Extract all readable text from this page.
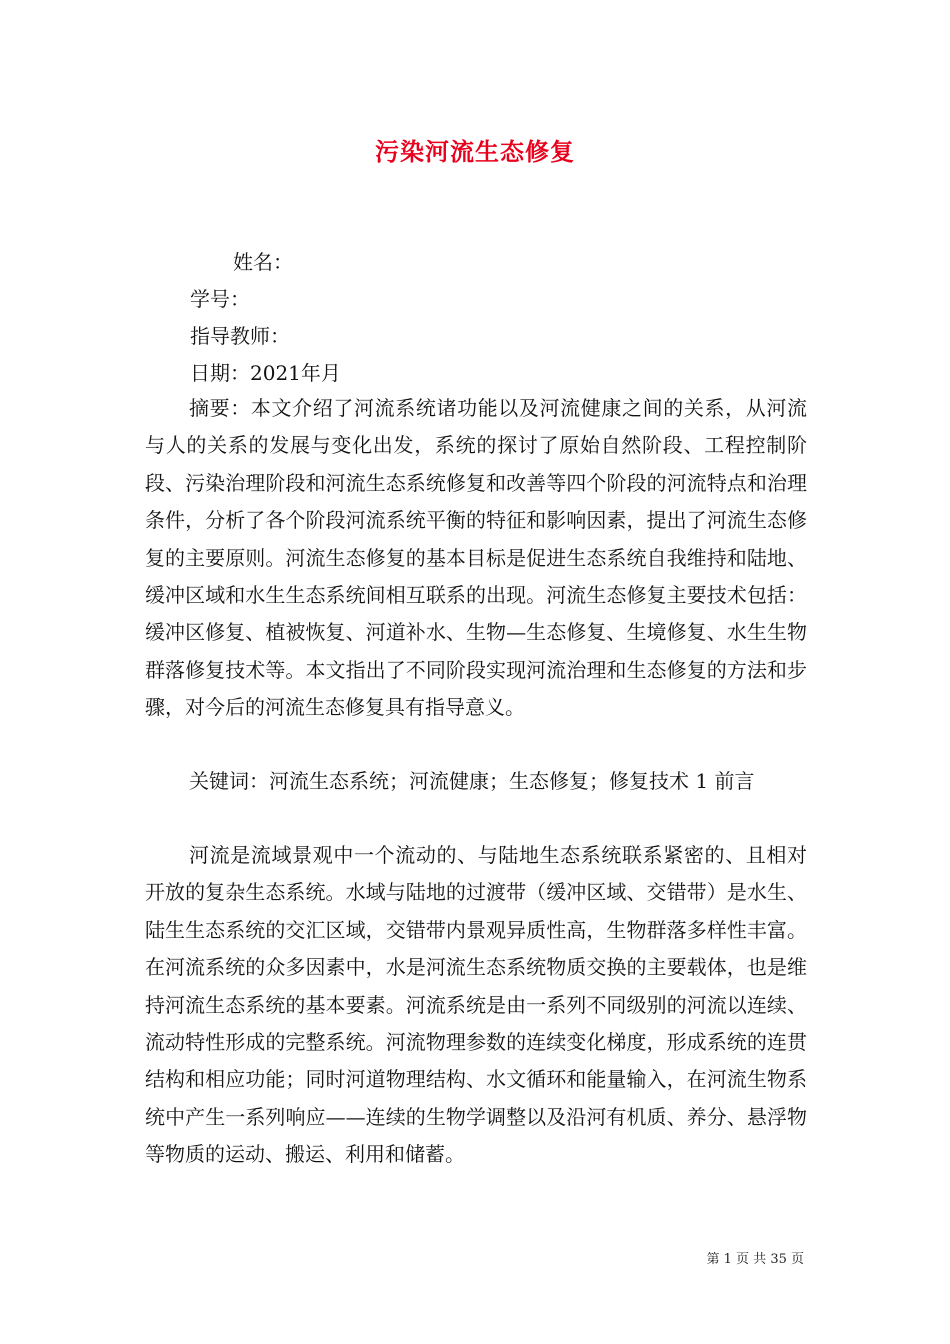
污染河流生态修复
姓名：
学号：
指导教师：
日期：2021年月

摘要：本文介绍了河流系统诸功能以及河流健康之间的关系，从河流与人的关系的发展与变化出发，系统的探讨了原始自然阶段、工程控制阶段、污染治理阶段和河流生态系统修复和改善等四个阶段的河流特点和治理条件，分析了各个阶段河流系统平衡的特征和影响因素，提出了河流生态修复的主要原则。河流生态修复的基本目标是促进生态系统自我维持和陆地、缓冲区域和水生生态系统间相互联系的出现。河流生态修复主要技术包括：缓冲区修复、植被恢复、河道补水、生物—生态修复、生境修复、水生生物群落修复技术等。本文指出了不同阶段实现河流治理和生态修复的方法和步骤，对今后的河流生态修复具有指导意义。

关键词：河流生态系统；河流健康；生态修复；修复技术 1 前言

河流是流域景观中一个流动的、与陆地生态系统联系紧密的、且相对开放的复杂生态系统。水域与陆地的过渡带（缓冲区域、交错带）是水生、陆生生态系统的交汇区域，交错带内景观异质性高，生物群落多样性丰富。在河流系统的众多因素中，水是河流生态系统物质交换的主要载体，也是维持河流生态系统的基本要素。河流系统是由一系列不同级别的河流以连续、流动特性形成的完整系统。河流物理参数的连续变化梯度，形成系统的连贯结构和相应功能；同时河道物理结构、水文循环和能量输入，在河流生物系统中产生一系列响应——连续的生物学调整以及沿河有机质、养分、悬浮物等物质的运动、搬运、利用和储蓄。

第 1 页 共 35 页
